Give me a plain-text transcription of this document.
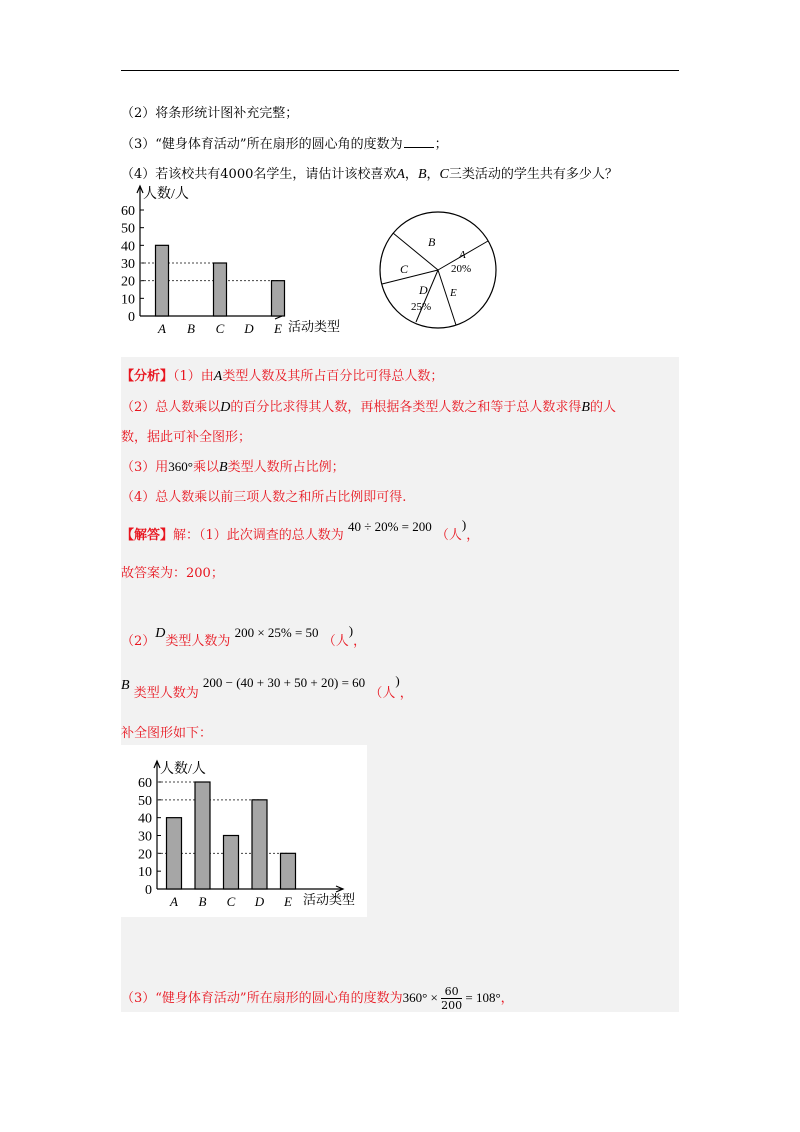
（2）将条形统计图补充完整；
（3）“健身体育活动”所在扇形的圆心角的度数为 ；
（4）若该校共有4000名学生，请估计该校喜欢A，B，C三类活动的学生共有多少人？
0
10
20
30
40
50
60
A B C D E
人数/人
活动类型
B
A
20%
C
E
D
25%
【分析】（1）由A类型人数及其所占百分比可得总人数；
（2）总人数乘以D的百分比求得其人数，再根据各类型人数之和等于总人数求得B的人
数，据此可补全图形；
（3）用360°乘以B类型人数所占比例；
（4）总人数乘以前三项人数之和所占比例即可得.
【解答】解：（1）此次调查的总人数为 40 ÷ 20% = 200 （人)，
故答案为：200；
（2）D类型人数为 200 × 25% = 50 （人)，
B 类型人数为 200 − (40 + 30 + 50 + 20) = 60 （人)，
补全图形如下：
0
10
20
30
40
50
60
A B C D E
人数/人
活动类型
（3）“健身体育活动”所在扇形的圆心角的度数为$360^\circ \times \frac{60}{200} = 108^\circ$，
